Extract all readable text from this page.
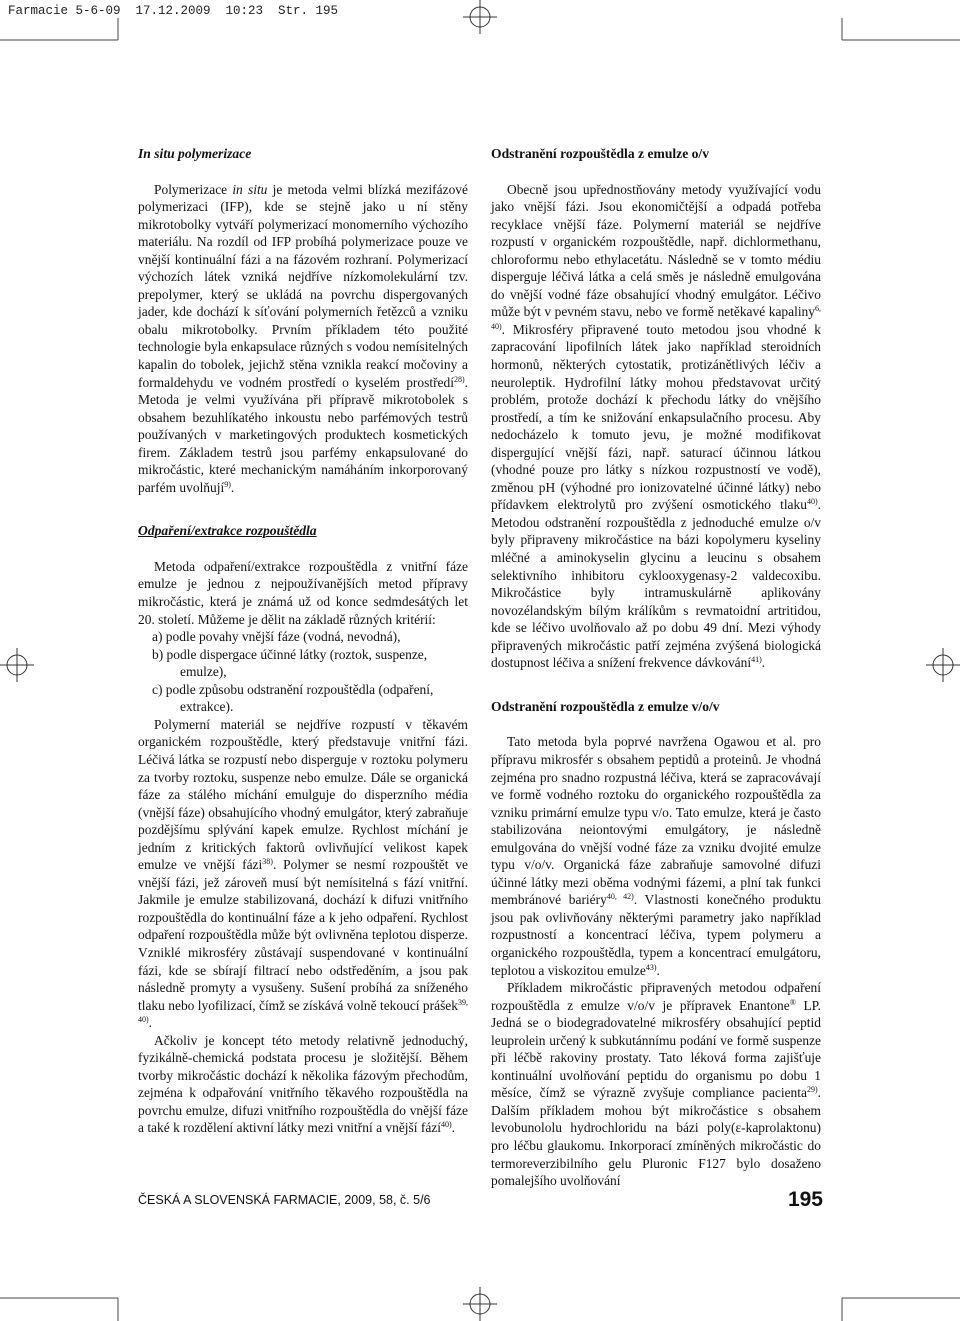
Farmacie 5-6-09  17.12.2009  10:23  Str. 195
In situ polymerizace

Polymerizace in situ je metoda velmi blízká mezifázové polymerizaci (IFP), kde se stejně jako u ní stěny mikrotobolky vytváří polymerizací monomerního výchozího materiálu. Na rozdíl od IFP probíhá polymerizace pouze ve vnější kontinuální fázi a na fázovém rozhraní. Polymerizací výchozích látek vzniká nejdříve nízkomolekulární tzv. prepolymer, který se ukládá na povrchu dispergovaných jader, kde dochází k síťování polymerních řetězců a vzniku obalu mikrotobolky. Prvním příkladem této použité technologie byla enkapsulace různých s vodou nemísitelných kapalin do tobolek, jejichž stěna vznikla reakcí močoviny a formaldehydu ve vodném prostředí o kyselém prostředí$^{28)}$. Metoda je velmi využívána při přípravě mikrotobolek s obsahem bezuhlíkatého inkoustu nebo parfémových testrů používaných v marketingových produktech kosmetických firem. Základem testrů jsou parfémy enkapsulované do mikročástic, které mechanickým namáháním inkorporovaný parfém uvolňují$^{9)}$.

Odpaření/extrakce rozpouštědla

Metoda odpaření/extrakce rozpouštědla z vnitřní fáze emulze je jednou z nejpoužívanějších metod přípravy mikročástic, která je známá už od konce sedmdesátých let 20. století. Můžeme je dělit na základě různých kritérií:

a) podle povahy vnější fáze (vodná, nevodná),
b) podle dispergace účinné látky (roztok, suspenze,
emulze),
c) podle způsobu odstranění rozpouštědla (odpaření,
extrakce).

Polymerní materiál se nejdříve rozpustí v těkavém organickém rozpouštědle, který představuje vnitřní fázi. Léčivá látka se rozpustí nebo disperguje v roztoku polymeru za tvorby roztoku, suspenze nebo emulze. Dále se organická fáze za stálého míchání emulguje do disperzního média (vnější fáze) obsahujícího vhodný emulgátor, který zabraňuje pozdějšímu splývání kapek emulze. Rychlost míchání je jedním z kritických faktorů ovlivňující velikost kapek emulze ve vnější fázi$^{38)}$. Polymer se nesmí rozpouštět ve vnější fázi, jež zároveň musí být nemísitelná s fází vnitřní. Jakmile je emulze stabilizovaná, dochází k difuzi vnitřního rozpouštědla do kontinuální fáze a k jeho odpaření. Rychlost odpaření rozpouštědla může být ovlivněna teplotou disperze. Vzniklé mikrosféry zůstávají suspendované v kontinuální fázi, kde se sbírají filtrací nebo odstředěním, a jsou pak následně promyty a vysušeny. Sušení probíhá za sníženého tlaku nebo lyofilizací, čímž se získává volně tekoucí prášek$^{39, 40)}$.

Ačkoliv je koncept této metody relativně jednoduchý, fyzikálně-chemická podstata procesu je složitější. Během tvorby mikročástic dochází k několika fázovým přechodům, zejména k odpařování vnitřního těkavého rozpouštědla na povrchu emulze, difuzi vnitřního rozpouštědla do vnější fáze a také k rozdělení aktivní látky mezi vnitřní a vnější fází$^{40)}$.

Odstranění rozpouštědla z emulze o/v

Obecně jsou upřednostňovány metody využívající vodu jako vnější fázi. Jsou ekonomičtější a odpadá potřeba recyklace vnější fáze. Polymerní materiál se nejdříve rozpustí v organickém rozpouštědle, např. dichlormethanu, chloroformu nebo ethylacetátu. Následně se v tomto médiu disperguje léčivá látka a celá směs je následně emulgována do vnější vodné fáze obsahující vhodný emulgátor. Léčivo může být v pevném stavu, nebo ve formě netěkavé kapaliny$^{6, 40)}$. Mikrosféry připravené touto metodou jsou vhodné k zapracování lipofilních látek jako například steroidních hormonů, některých cytostatik, protizánětlivých léčiv a neuroleptik. Hydrofilní látky mohou představovat určitý problém, protože dochází k přechodu látky do vnějšího prostředí, a tím ke snižování enkapsulačního procesu. Aby nedocházelo k tomuto jevu, je možné modifikovat dispergující vnější fázi, např. saturací účinnou látkou (vhodné pouze pro látky s nízkou rozpustností ve vodě), změnou pH (výhodné pro ionizovatelné účinné látky) nebo přídavkem elektrolytů pro zvýšení osmotického tlaku$^{40)}$. Metodou odstranění rozpouštědla z jednoduché emulze o/v byly připraveny mikročástice na bázi kopolymeru kyseliny mléčné a aminokyselin glycinu a leucinu s obsahem selektivního inhibitoru cyklooxygenasy-2 valdecoxibu. Mikročástice byly intramuskulárně aplikovány novozélandským bílým králíkům s revmatoidní artritidou, kde se léčivo uvolňovalo až po dobu 49 dní. Mezi výhody připravených mikročástic patří zejména zvýšená biologická dostupnost léčiva a snížení frekvence dávkování$^{41)}$.

Odstranění rozpouštědla z emulze v/o/v

Tato metoda byla poprvé navržena Ogawou et al. pro přípravu mikrosfér s obsahem peptidů a proteinů. Je vhodná zejména pro snadno rozpustná léčiva, která se zapracovávají ve formě vodného roztoku do organického rozpouštědla za vzniku primární emulze typu v/o. Tato emulze, která je často stabilizována neiontovými emulgátory, je následně emulgována do vnější vodné fáze za vzniku dvojité emulze typu v/o/v. Organická fáze zabraňuje samovolné difuzi účinné látky mezi oběma vodnými fázemi, a plní tak funkci membránové bariéry$^{40, 42)}$. Vlastnosti konečného produktu jsou pak ovlivňovány některými parametry jako například rozpustností a koncentrací léčiva, typem polymeru a organického rozpouštědla, typem a koncentrací emulgátoru, teplotou a viskozitou emulze$^{43)}$.

Příkladem mikročástic připravených metodou odpaření rozpouštědla z emulze v/o/v je přípravek Enantone® LP. Jedná se o biodegradovatelné mikrosféry obsahující peptid leuprolein určený k subkutánnímu podání ve formě suspenze při léčbě rakoviny prostaty. Tato léková forma zajišťuje kontinuální uvolňování peptidu do organismu po dobu 1 měsíce, čímž se výrazně zvyšuje compliance pacienta$^{29)}$. Dalším příkladem mohou být mikročástice s obsahem levobunololu hydrochloridu na bázi poly(ε-kaprolaktonu) pro léčbu glaukomu. Inkorporací zmíněných mikročástic do termoreverzibilního gelu Pluronic F127 bylo dosaženo pomalejšího uvolňování

ČESKÁ A SLOVENSKÁ FARMACIE, 2009, 58, č. 5/6	195
